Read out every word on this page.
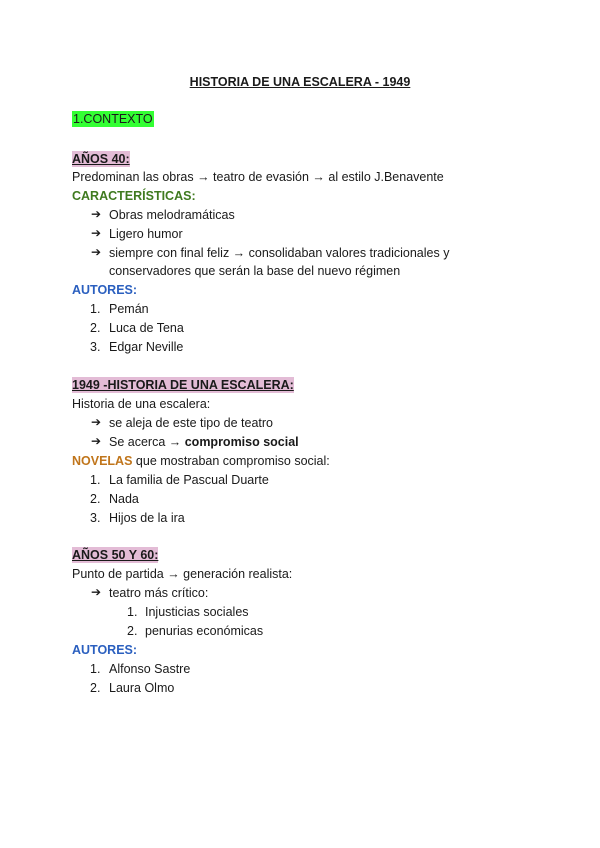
HISTORIA DE UNA ESCALERA - 1949
1.CONTEXTO
AÑOS 40:
Predominan las obras → teatro de evasión → al estilo J.Benavente
CARACTERÍSTICAS:
➔ Obras melodramáticas
➔ Ligero humor
➔ siempre con final feliz → consolidaban valores tradicionales y
conservadores que serán la base del nuevo régimen
AUTORES:
1. Pemán
2. Luca de Tena
3. Edgar Neville
1949 -HISTORIA DE UNA ESCALERA:
Historia de una escalera:
➔ se aleja de este tipo de teatro
➔ Se acerca → compromiso social
NOVELAS que mostraban compromiso social:
1. La familia de Pascual Duarte
2. Nada
3. Hijos de la ira
AÑOS 50 Y 60:
Punto de partida → generación realista:
➔ teatro más crítico:
1. Injusticias sociales
2. penurias económicas
AUTORES:
1. Alfonso Sastre
2. Laura Olmo
